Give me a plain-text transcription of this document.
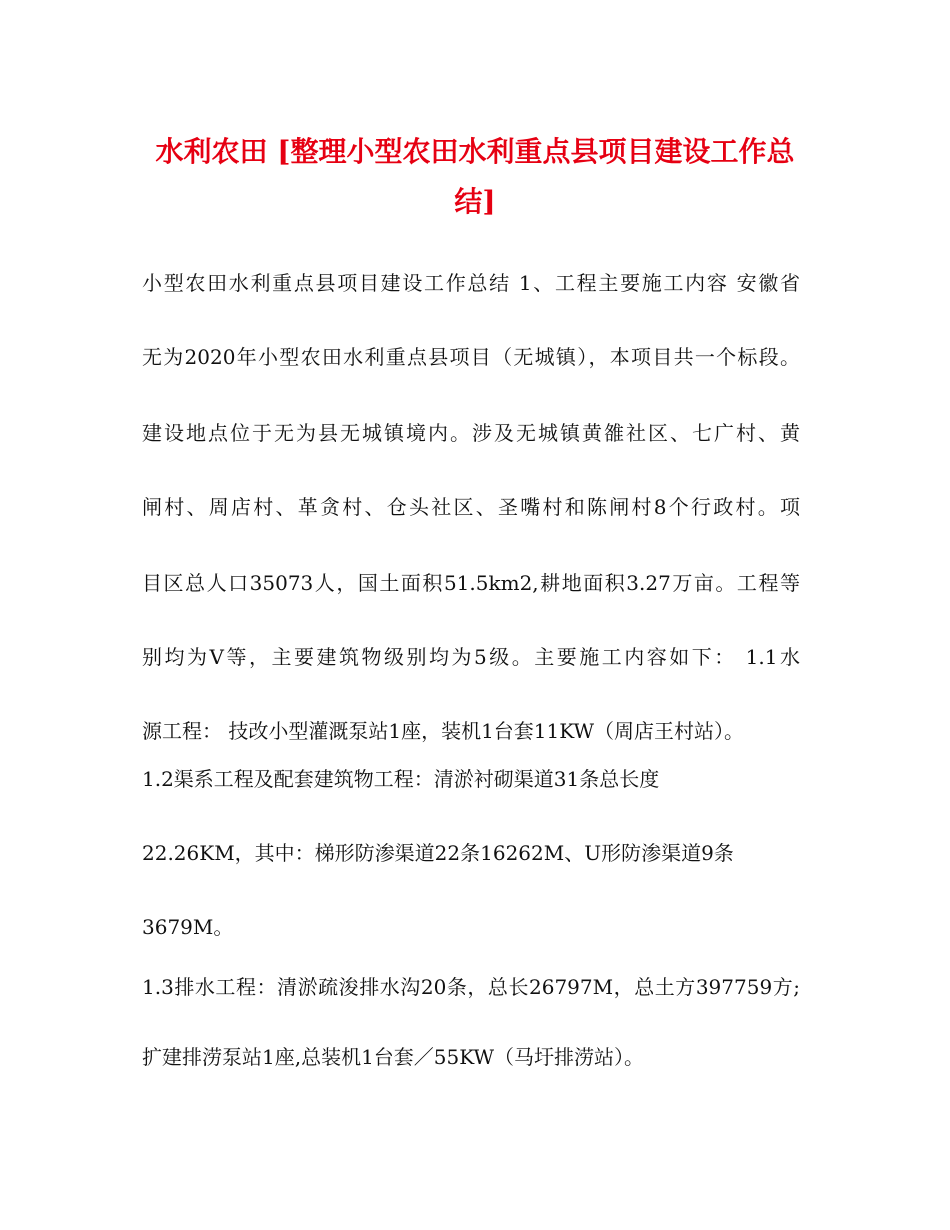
水利农田 [整理小型农田水利重点县项目建设工作总
结]
小型农田水利重点县项目建设工作总结 1、工程主要施工内容 安徽省
无为2020年小型农田水利重点县项目（无城镇），本项目共一个标段。
建设地点位于无为县无城镇境内。涉及无城镇黄雒社区、七广村、黄
闸村、周店村、革贪村、仓头社区、圣嘴村和陈闸村8个行政村。项
目区总人口35073人，国土面积51.5km2,耕地面积3.27万亩。工程等
别均为Ⅴ等，主要建筑物级别均为5级。主要施工内容如下： 1.1水
源工程： 技改小型灌溉泵站1座，装机1台套11KW（周店王村站）。
1.2渠系工程及配套建筑物工程：清淤衬砌渠道31条总长度
22.26KM，其中：梯形防渗渠道22条16262M、U形防渗渠道9条
3679M。
1.3排水工程：清淤疏浚排水沟20条，总长26797M，总土方397759方;
扩建排涝泵站1座,总装机1台套／55KW（马圩排涝站）。
